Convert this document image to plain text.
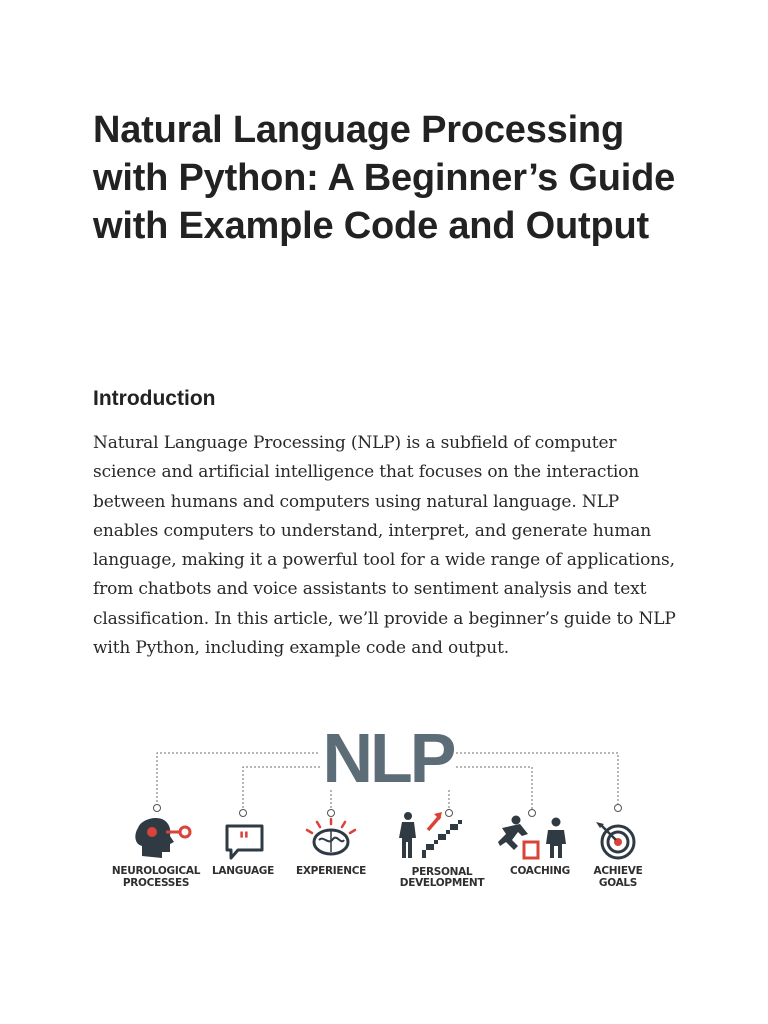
Natural Language Processing with Python: A Beginner’s Guide with Example Code and Output
Introduction

Natural Language Processing (NLP) is a subfield of computer science and artificial intelligence that focuses on the interaction between humans and computers using natural language. NLP enables computers to understand, interpret, and generate human language, making it a powerful tool for a wide range of applications, from chatbots and voice assistants to sentiment analysis and text classification. In this article, we’ll provide a beginner’s guide to NLP with Python, including example code and output.

NLP
"
NEUROLOGICAL
PROCESSES
LANGUAGE EXPERIENCE	PERSONAL
DEVELOPMENT
COACHING ACHIEVE
GOALS
